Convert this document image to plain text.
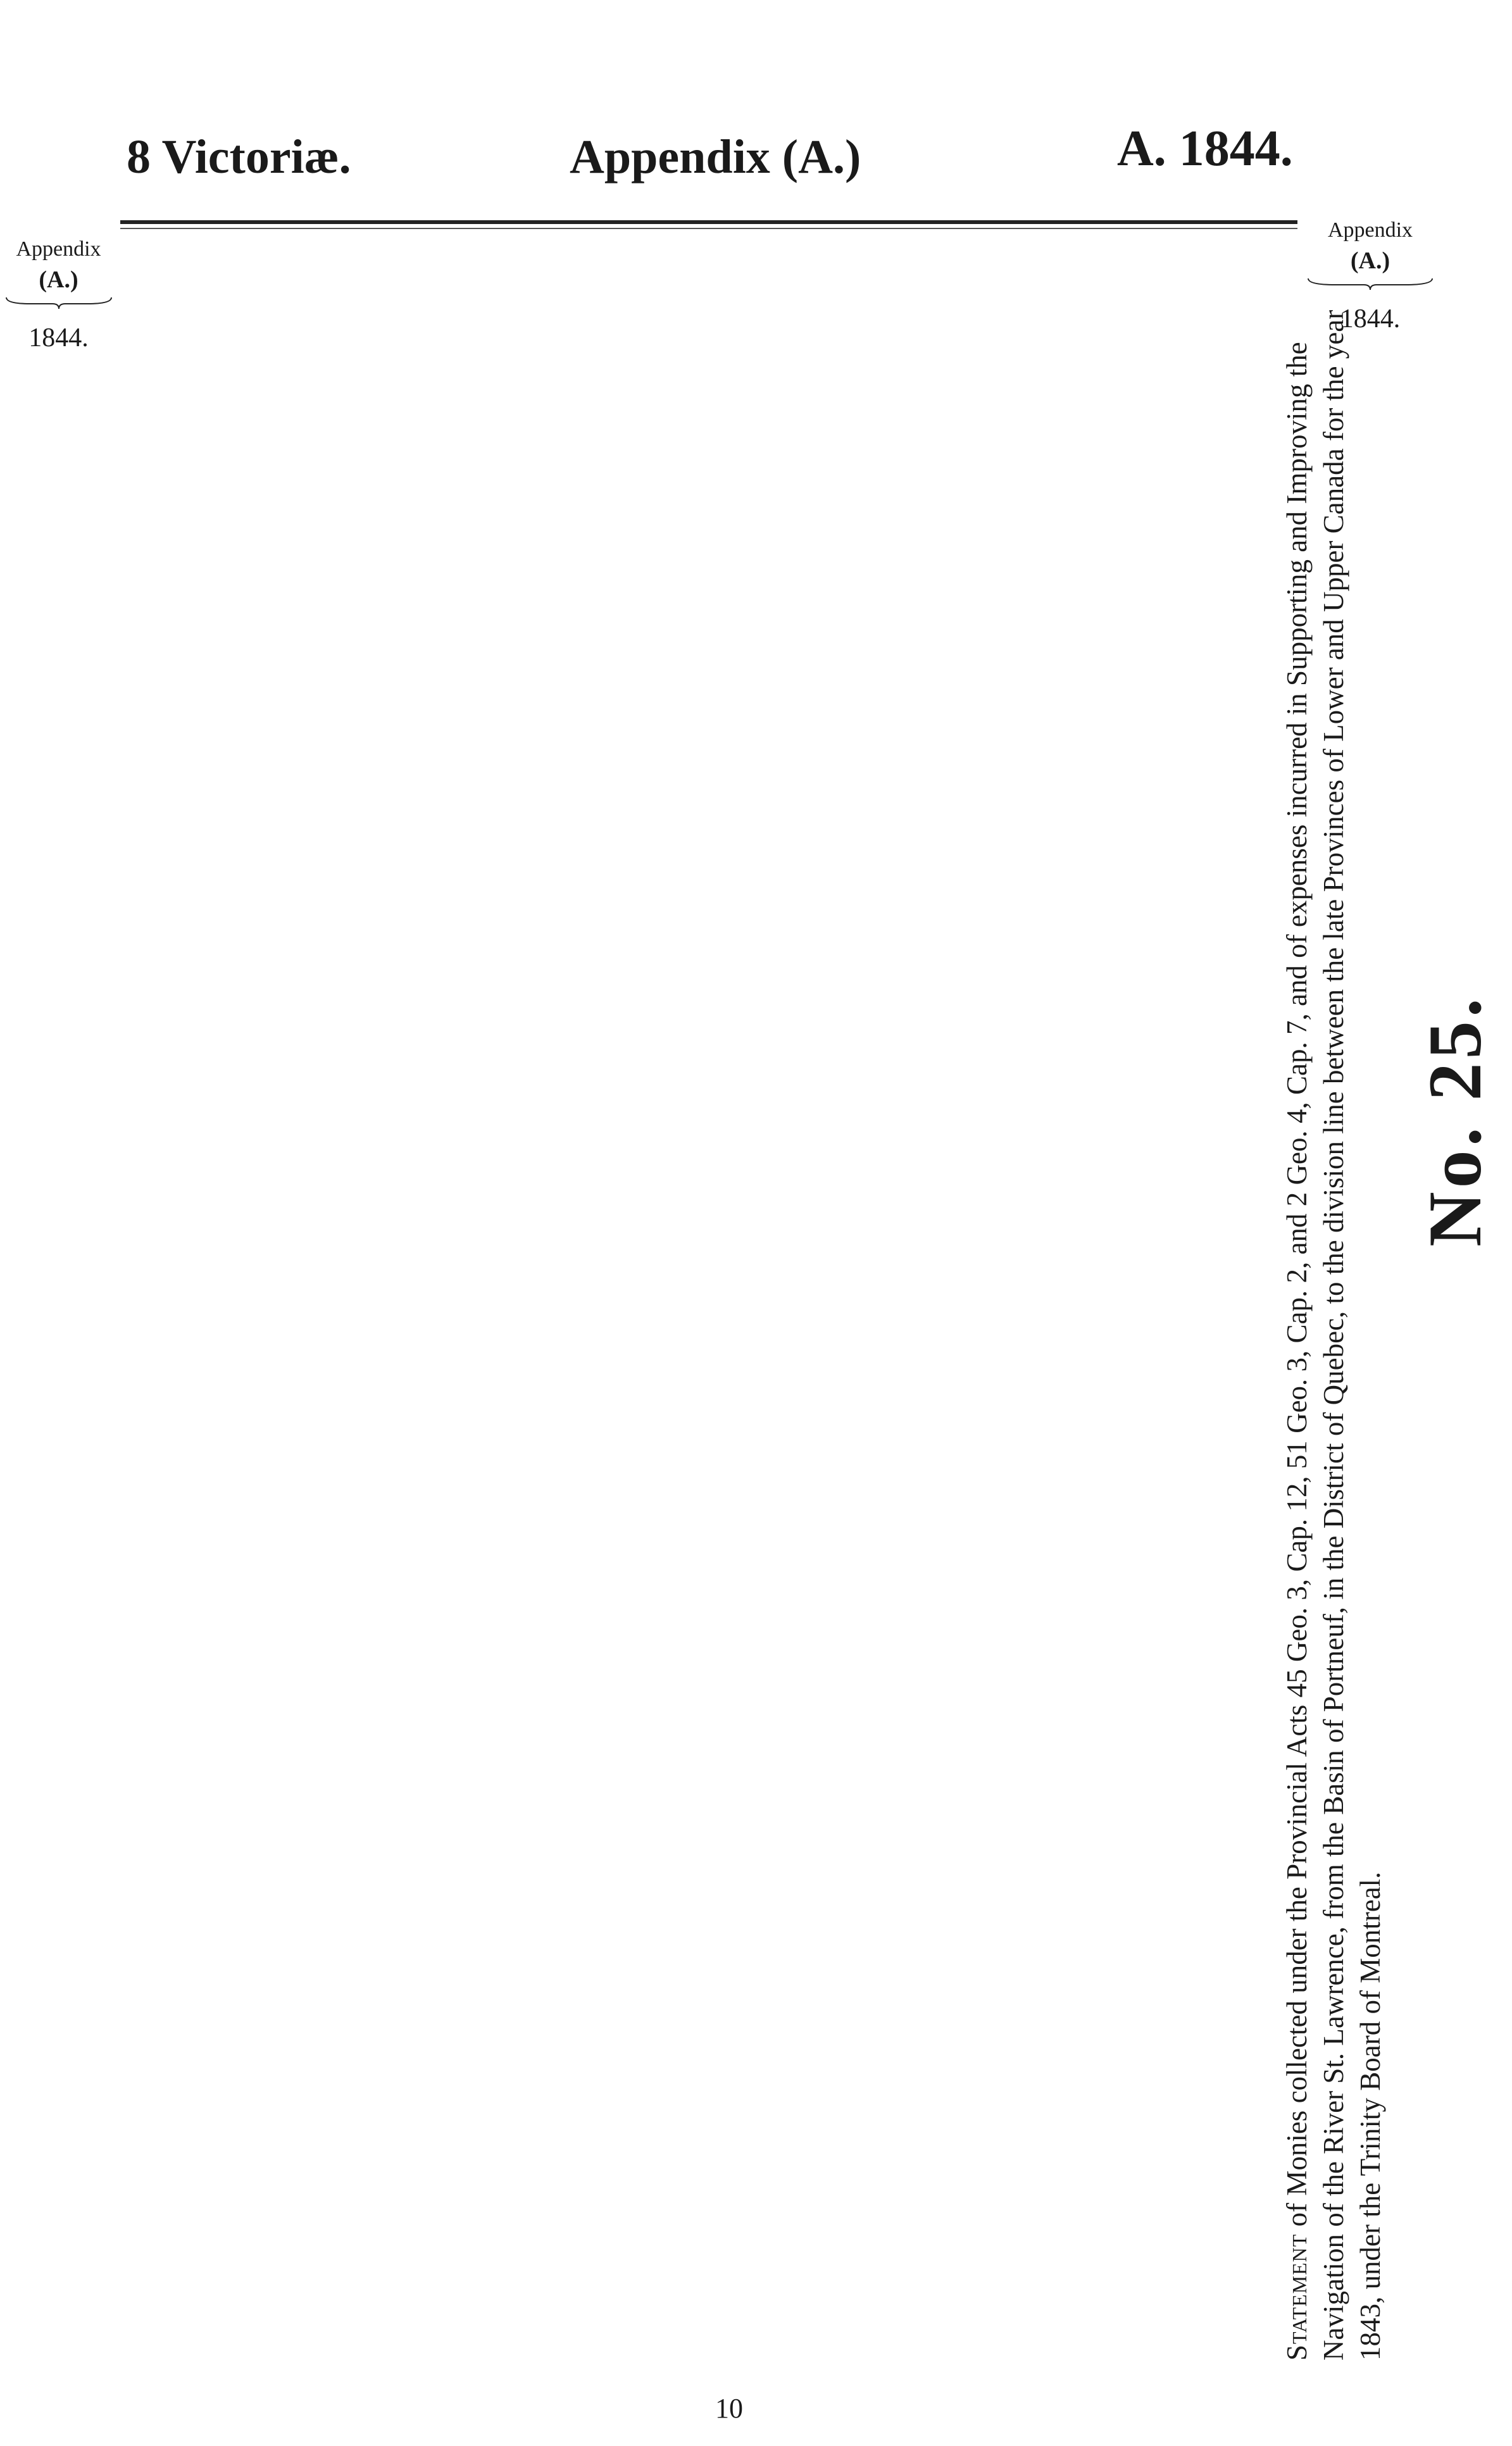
8 Victoriæ.	Appendix (A.)	A. 1844.
Appendix
(A.)
1844.
Appendix
(A.)
1844.
Statement of Monies collected under the Provincial Acts 45 Geo. 3, Cap. 12, 51 Geo. 3, Cap. 2, and 2 Geo. 4, Cap. 7, and of expenses incurred in Supporting and Improving the Navigation of the River St. Lawrence, from the Basin of Portneuf, in the District of Quebec, to the division line between the late Provinces of Lower and Upper Canada for the year 1843, under the Trinity Board of Montreal.
No. 25.
10
